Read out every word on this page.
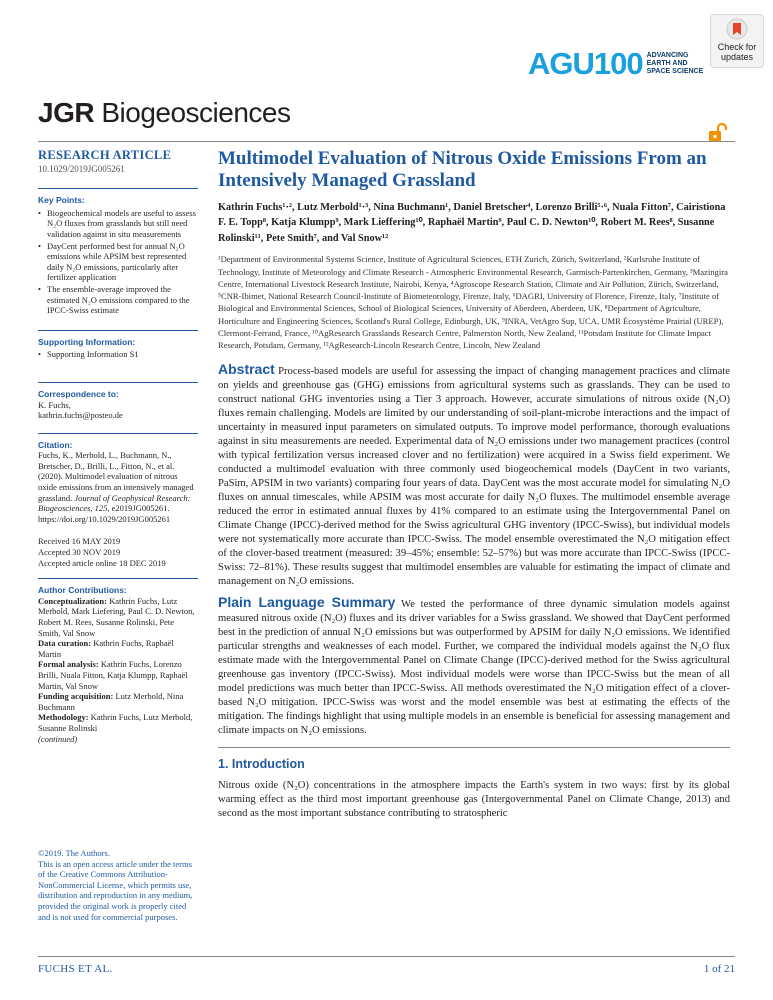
AGU100 ADVANCING
EARTH AND
SPACE SCIENCE
Check for
updates
JGR Biogeosciences
RESEARCH ARTICLE
10.1029/2019JG005261
Key Points:
• Biogeochemical models are useful to assess N₂O fluxes from grasslands but still need validation against in situ measurements
• DayCent performed best for annual N₂O emissions while APSIM best represented daily N₂O emissions, particularly after fertilizer application
• The ensemble-average improved the estimated N₂O emissions compared to the IPCC-Swiss estimate
Supporting Information:
• Supporting Information S1
Correspondence to:
K. Fuchs,
kathrin.fuchs@posteo.de
Citation:
Fuchs, K., Merbold, L., Buchmann, N., Bretscher, D., Brilli, L., Fitton, N., et al. (2020). Multimodel evaluation of nitrous oxide emissions from an intensively managed grassland. Journal of Geophysical Research: Biogeosciences, 125, e2019JG005261. https://doi.org/10.1029/2019JG005261
Received 16 MAY 2019
Accepted 30 NOV 2019
Accepted article online 18 DEC 2019
Author Contributions:
Conceptualization: Kathrin Fuchs, Lutz Merbold, Mark Liefering, Paul C. D. Newton, Robert M. Rees, Susanne Rolinski, Pete Smith, Val Snow
Data curation: Kathrin Fuchs, Raphaël Martin
Formal analysis: Kathrin Fuchs, Lorenzo Brilli, Nuala Fitton, Katja Klumpp, Raphaël Martin, Val Snow
Funding acquisition: Lutz Merbold, Nina Buchmann
Methodology: Kathrin Fuchs, Lutz Merbold, Susanne Rolinski
(continued)
©2019. The Authors.
This is an open access article under the terms of the Creative Commons Attribution-NonCommercial License, which permits use, distribution and reproduction in any medium, provided the original work is properly cited and is not used for commercial purposes.
Multimodel Evaluation of Nitrous Oxide Emissions From an Intensively Managed Grassland
Kathrin Fuchs¹·², Lutz Merbold¹·³, Nina Buchmann¹, Daniel Bretscher⁴, Lorenzo Brilli⁵·⁶, Nuala Fitton⁷, Cairistiona F. E. Topp⁸, Katja Klumpp⁹, Mark Lieffering¹⁰, Raphaël Martin⁹, Paul C. D. Newton¹⁰, Robert M. Rees⁸, Susanne Rolinski¹¹, Pete Smith⁷, and Val Snow¹²
¹Department of Environmental Systems Science, Institute of Agricultural Sciences, ETH Zurich, Zürich, Switzerland, ²Karlsruhe Institute of Technology, Institute of Meteorology and Climate Research - Atmospheric Environmental Research, Garmisch-Partenkirchen, Germany, ³Mazingira Centre, International Livestock Research Institute, Nairobi, Kenya, ⁴Agroscope Research Station, Climate and Air Pollution, Zürich, Switzerland, ⁵CNR-Ibimet, National Research Council-Institute of Biometeorology, Firenze, Italy, ⁶DAGRI, University of Florence, Firenze, Italy, ⁷Institute of Biological and Environmental Sciences, School of Biological Sciences, University of Aberdeen, Aberdeen, UK, ⁸Department of Agriculture, Horticulture and Engineering Sciences, Scotland's Rural College, Edinburgh, UK, ⁹INRA, VetAgro Sup, UCA, UMR Écosystème Prairial (UREP), Clermont-Ferrand, France, ¹⁰AgResearch Grasslands Research Centre, Palmerston North, New Zealand, ¹¹Potsdam Institute for Climate Impact Research, Potsdam, Germany, ¹²AgResearch-Lincoln Research Centre, Lincoln, New Zealand
Abstract Process-based models are useful for assessing the impact of changing management practices and climate on yields and greenhouse gas (GHG) emissions from agricultural systems such as grasslands. They can be used to construct national GHG inventories using a Tier 3 approach. However, accurate simulations of nitrous oxide (N₂O) fluxes remain challenging. Models are limited by our understanding of soil-plant-microbe interactions and the impact of uncertainty in measured input parameters on simulated outputs. To improve model performance, thorough evaluations against in situ measurements are needed. Experimental data of N₂O emissions under two management practices (control with typical fertilization versus increased clover and no fertilization) were acquired in a Swiss field experiment. We conducted a multimodel evaluation with three commonly used biogeochemical models (DayCent in two variants, PaSim, APSIM in two variants) comparing four years of data. DayCent was the most accurate model for simulating N₂O fluxes on annual timescales, while APSIM was most accurate for daily N₂O fluxes. The multimodel ensemble average reduced the error in estimated annual fluxes by 41% compared to an estimate using the Intergovernmental Panel on Climate Change (IPCC)-derived method for the Swiss agricultural GHG inventory (IPCC-Swiss), but individual models were not systematically more accurate than IPCC-Swiss. The model ensemble overestimated the N₂O mitigation effect of the clover-based treatment (measured: 39–45%; ensemble: 52–57%) but was more accurate than IPCC-Swiss (IPCC-Swiss: 72–81%). These results suggest that multimodel ensembles are valuable for estimating the impact of climate and management on N₂O emissions.
Plain Language Summary We tested the performance of three dynamic simulation models against measured nitrous oxide (N₂O) fluxes and its driver variables for a Swiss grassland. We showed that DayCent performed best in the prediction of annual N₂O emissions but was outperformed by APSIM for daily N₂O emissions. We identified particular strengths and weaknesses of each model. Further, we compared the individual models against the N₂O flux estimate made with the Intergovernmental Panel on Climate Change (IPCC)-derived method for the Swiss agricultural greenhouse gas inventory (IPCC-Swiss). Most individual models were worse than IPCC-Swiss but the mean of all model predictions was much better than IPCC-Swiss. All methods overestimated the N₂O mitigation effect of a clover-based N₂O mitigation. IPCC-Swiss was worst and the model ensemble was best at estimating the effects of the mitigation. The findings highlight that using multiple models in an ensemble is beneficial for assessing management and climate impacts on N₂O emissions.
1. Introduction
Nitrous oxide (N₂O) concentrations in the atmosphere impacts the Earth's system in two ways: first by its global warming effect as the third most important greenhouse gas (Intergovernmental Panel on Climate Change, 2013) and second as the most important substance contributing to stratospheric
FUCHS ET AL.	1 of 21
